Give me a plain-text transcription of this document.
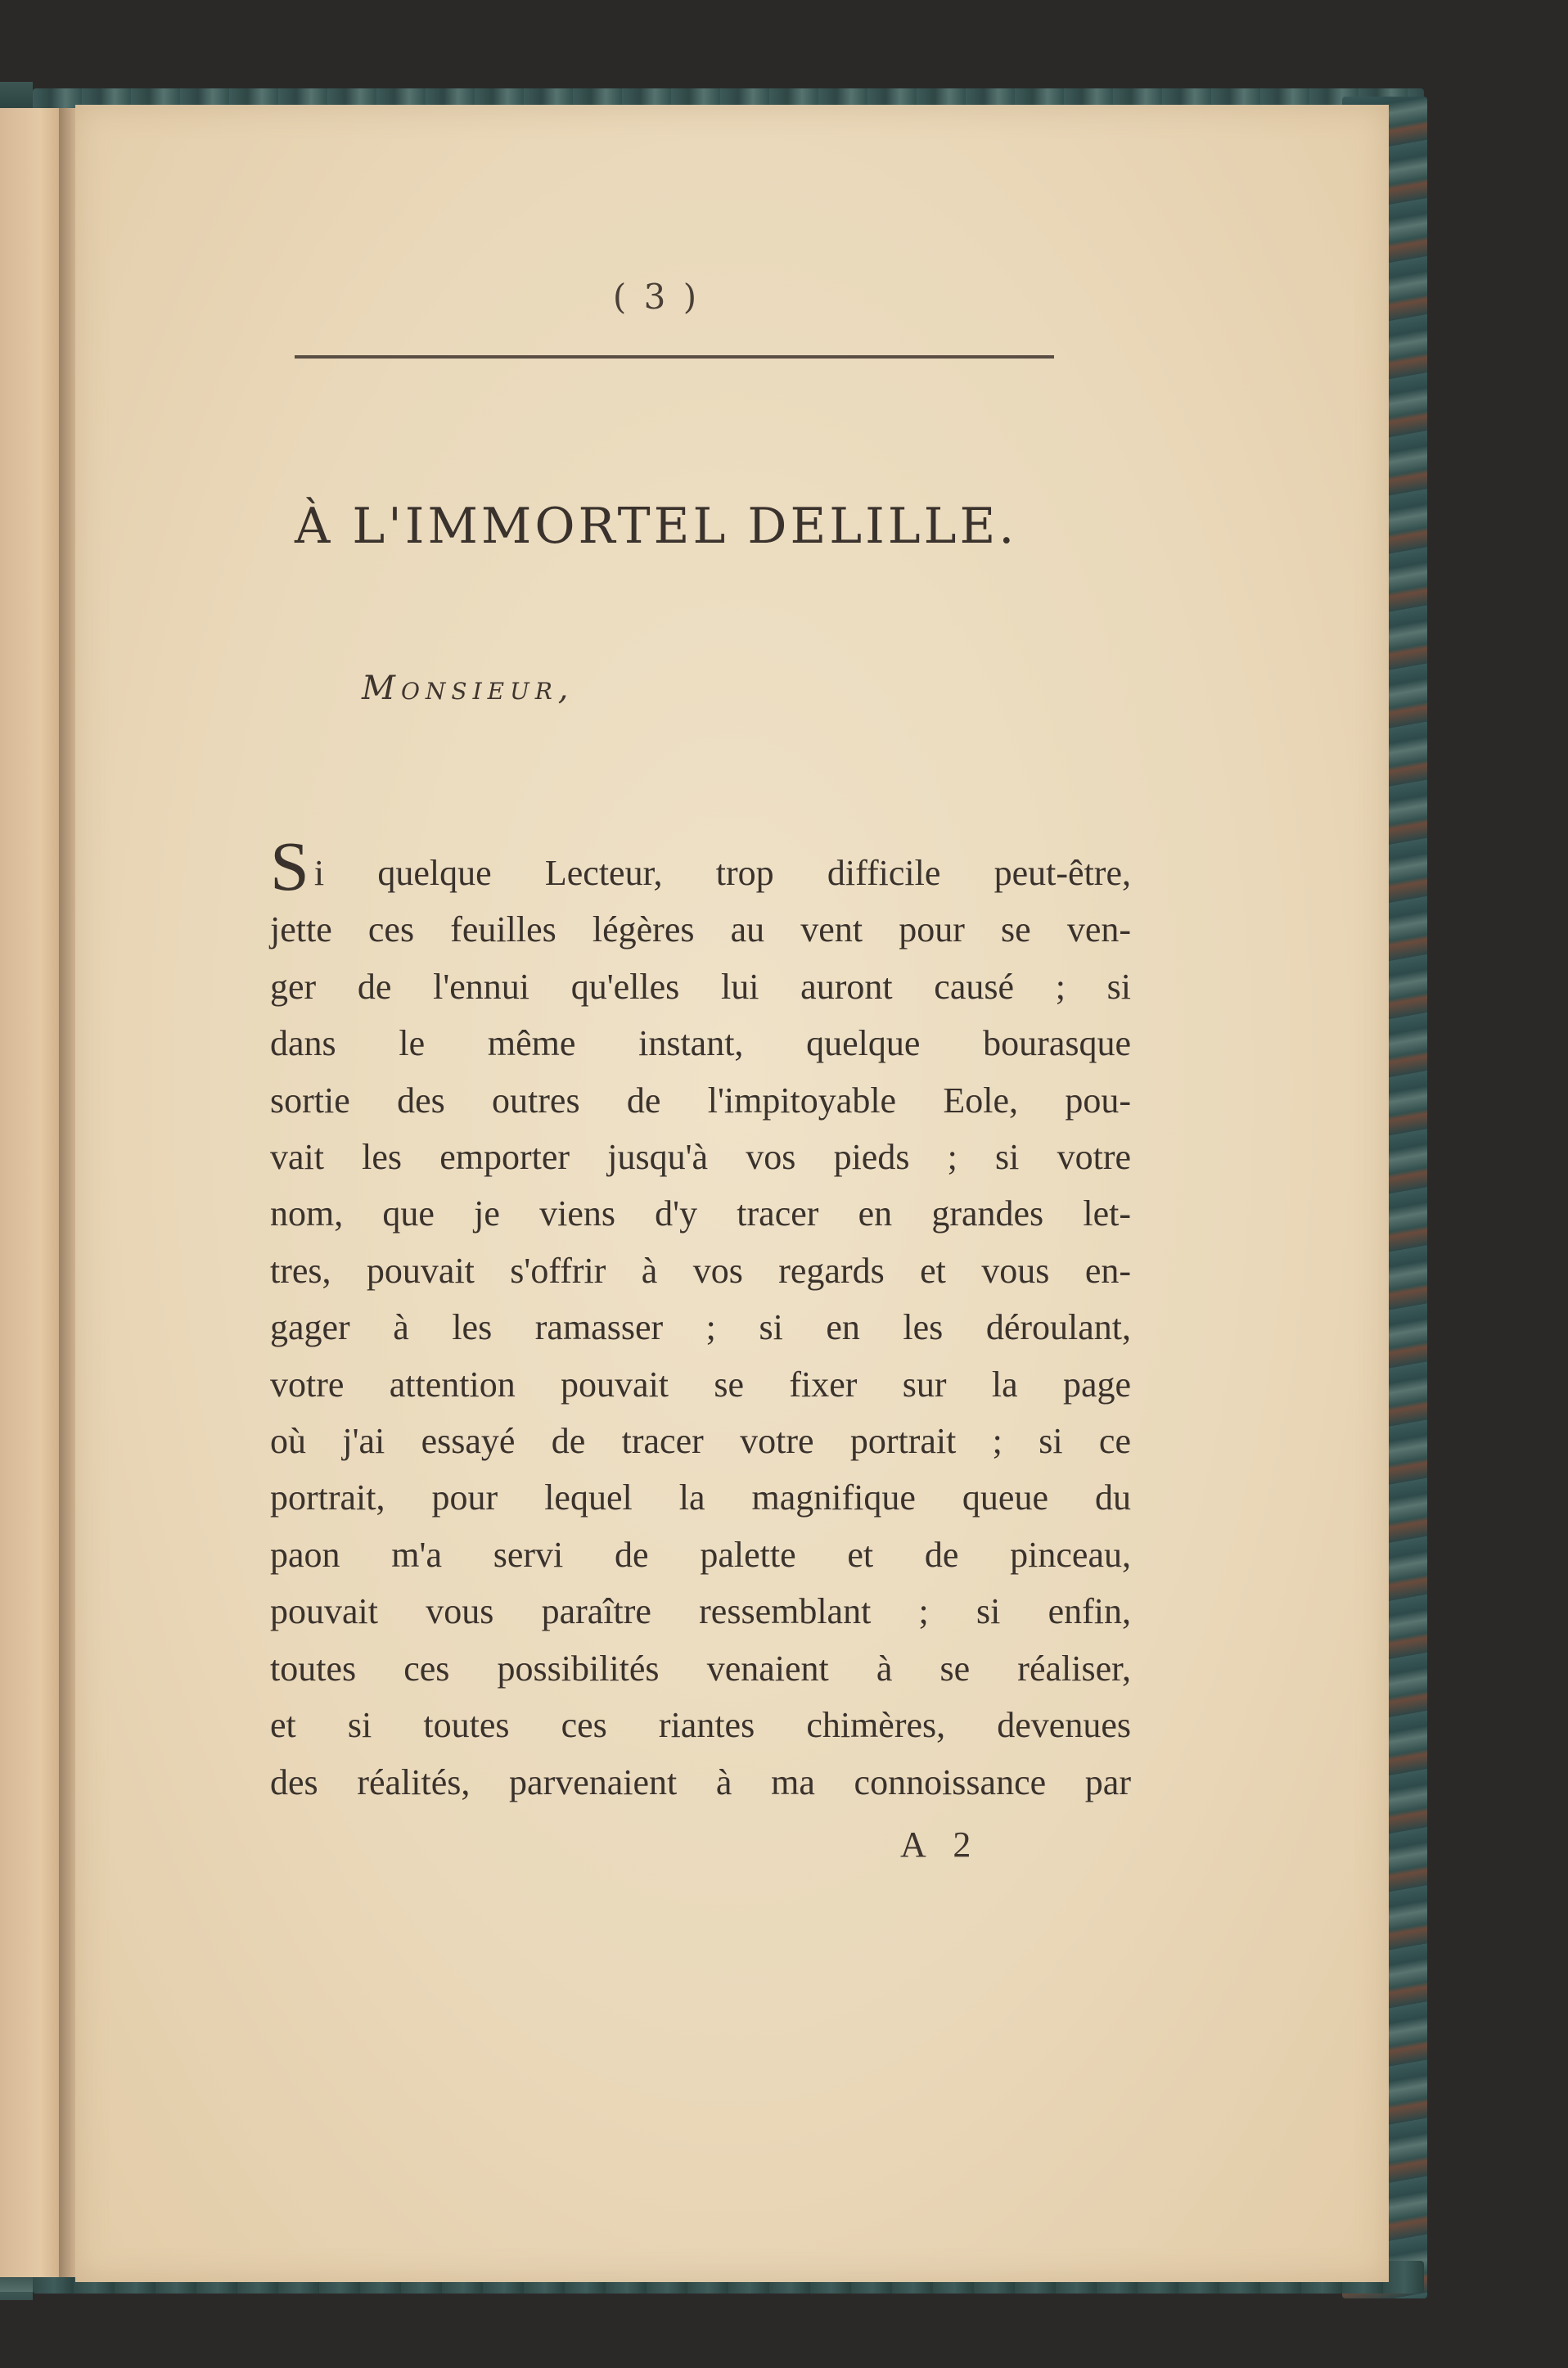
( 3 )
À L'IMMORTEL DELILLE.
Monsieur,
Si quelque Lecteur, trop difficile peut-être,
jette ces feuilles légères au vent pour se ven-
ger de l'ennui qu'elles lui auront causé ; si
dans le même instant, quelque bourasque
sortie des outres de l'impitoyable Eole, pou-
vait les emporter jusqu'à vos pieds ; si votre
nom, que je viens d'y tracer en grandes let-
tres, pouvait s'offrir à vos regards et vous en-
gager à les ramasser ; si en les déroulant,
votre attention pouvait se fixer sur la page
où j'ai essayé de tracer votre portrait ; si ce
portrait, pour lequel la magnifique queue du
paon m'a servi de palette et de pinceau,
pouvait vous paraître ressemblant ; si enfin,
toutes ces possibilités venaient à se réaliser,
et si toutes ces riantes chimères, devenues
des réalités, parvenaient à ma connoissance par
A 2
